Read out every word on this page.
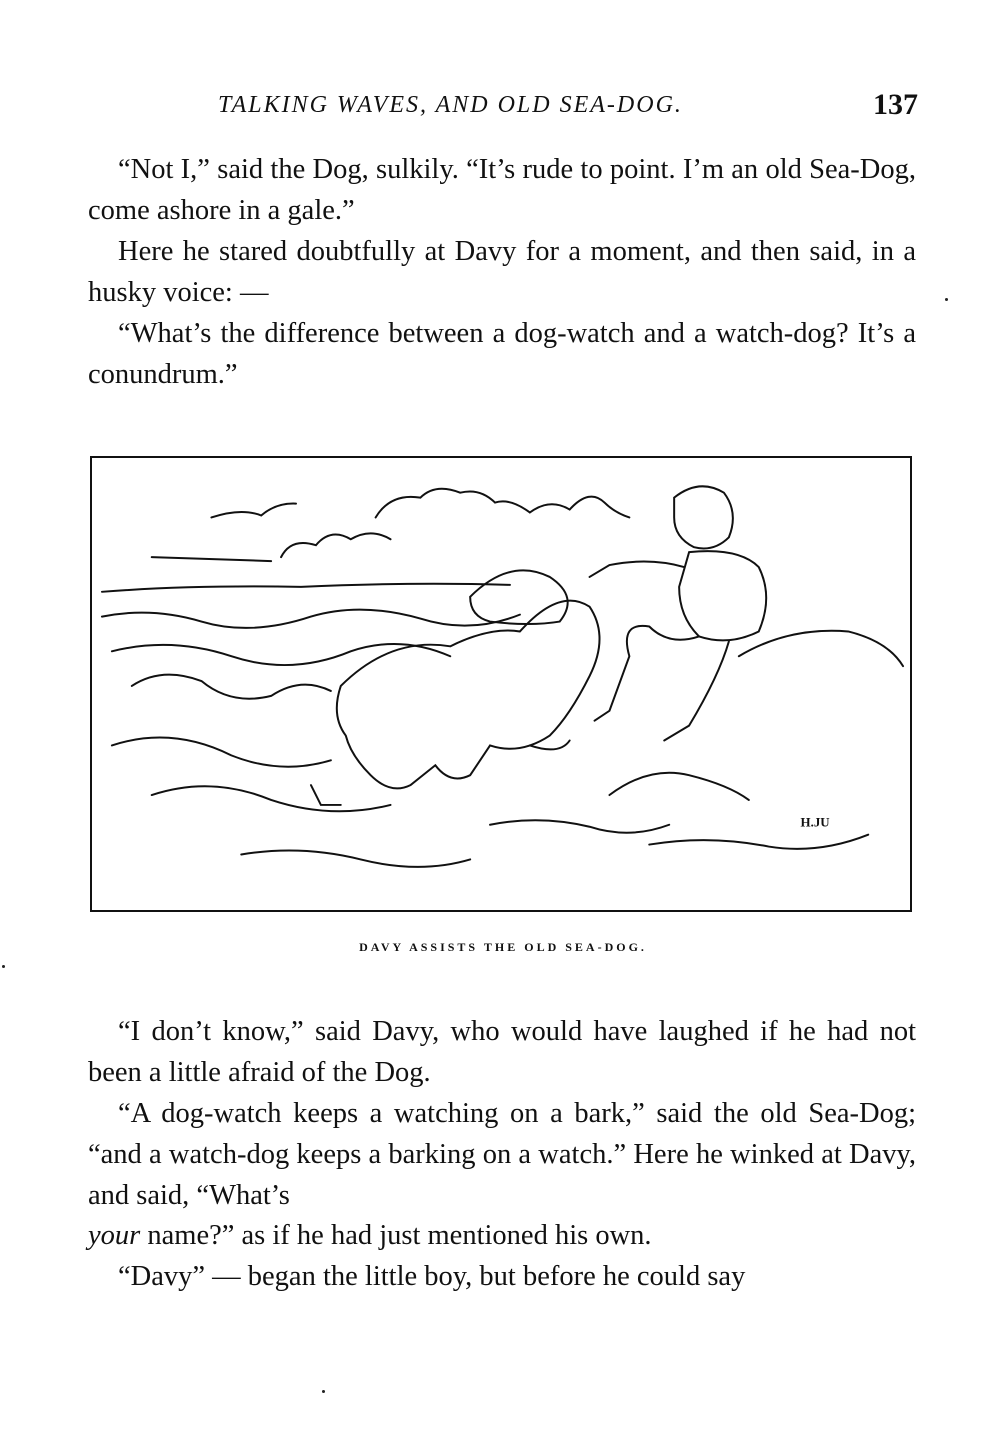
TALKING WAVES, AND OLD SEA-DOG.	137

“Not I,” said the Dog, sulkily. “It’s rude to point. I’m an old Sea-Dog, come ashore in a gale.”

Here he stared doubtfully at Davy for a moment, and then said, in a husky voice: —

“What’s the difference between a dog-watch and a watch-dog? It’s a conundrum.”

H.JU
DAVY ASSISTS THE OLD SEA-DOG.

“I don’t know,” said Davy, who would have laughed if he had not been a little afraid of the Dog.

“A dog-watch keeps a watching on a bark,” said the old Sea-Dog; “and a watch-dog keeps a barking on a watch.” Here he winked at Davy, and said, “What’s

your name?” as if he had just mentioned his own.

“Davy” — began the little boy, but before he could say
